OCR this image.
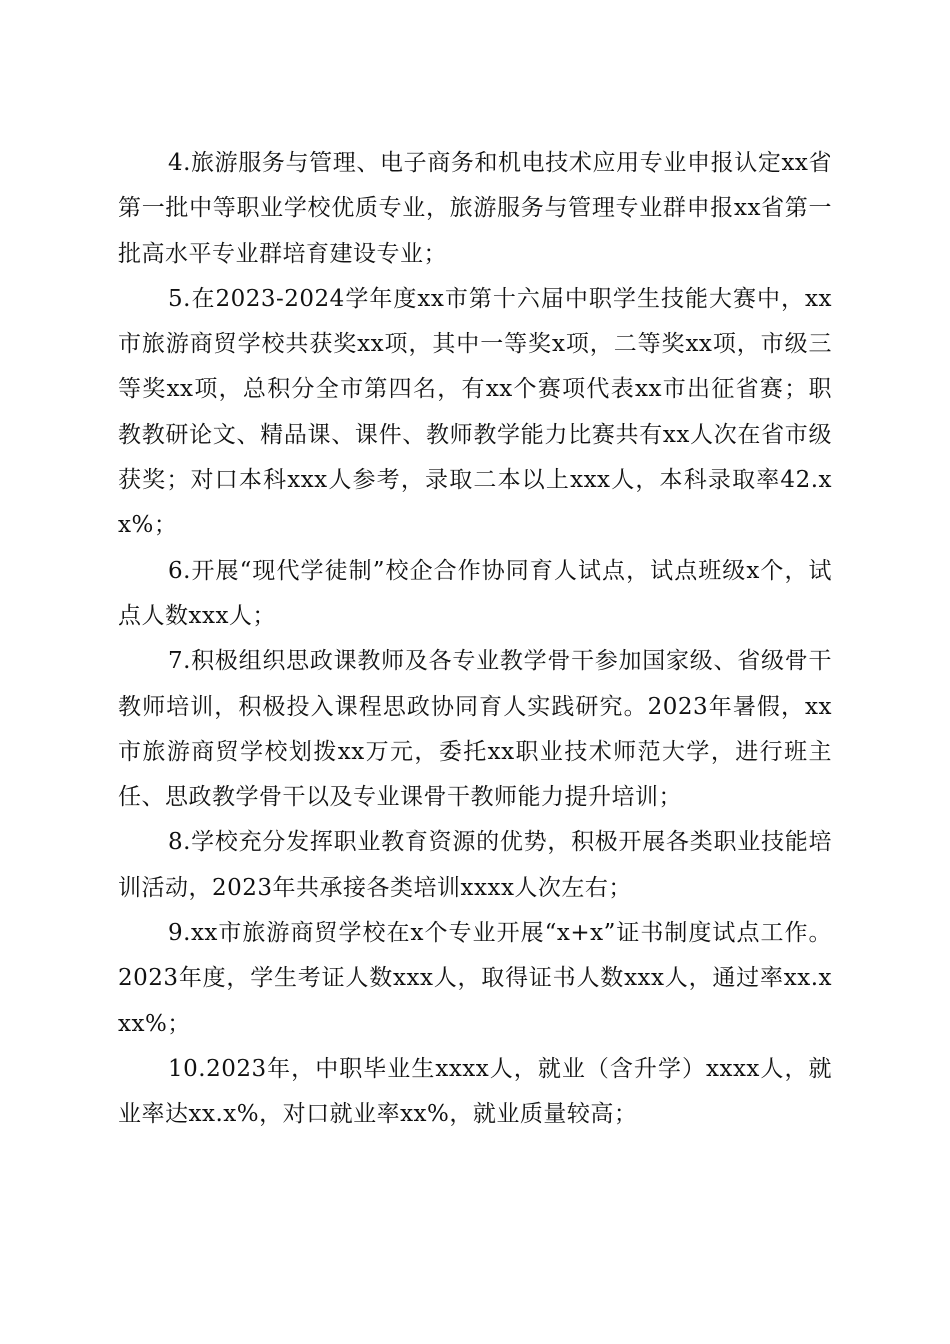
4.旅游服务与管理、电子商务和机电技术应用专业申报认定xx省第一批中等职业学校优质专业，旅游服务与管理专业群申报xx省第一批高水平专业群培育建设专业；

5.在2023-2024学年度xx市第十六届中职学生技能大赛中，xx市旅游商贸学校共获奖xx项，其中一等奖x项，二等奖xx项，市级三等奖xx项，总积分全市第四名，有xx个赛项代表xx市出征省赛；职教教研论文、精品课、课件、教师教学能力比赛共有xx人次在省市级获奖；对口本科xxx人参考，录取二本以上xxx人，本科录取率42.xx%；

6.开展“现代学徒制”校企合作协同育人试点，试点班级x个，试点人数xxx人；

7.积极组织思政课教师及各专业教学骨干参加国家级、省级骨干教师培训，积极投入课程思政协同育人实践研究。2023年暑假，xx市旅游商贸学校划拨xx万元，委托xx职业技术师范大学，进行班主任、思政教学骨干以及专业课骨干教师能力提升培训；

8.学校充分发挥职业教育资源的优势，积极开展各类职业技能培训活动，2023年共承接各类培训xxxx人次左右；

9.xx市旅游商贸学校在x个专业开展“x+x”证书制度试点工作。2023年度，学生考证人数xxx人，取得证书人数xxx人，通过率xx.xxx%；

10.2023年，中职毕业生xxxx人，就业（含升学）xxxx人，就业率达xx.x%，对口就业率xx%，就业质量较高；
